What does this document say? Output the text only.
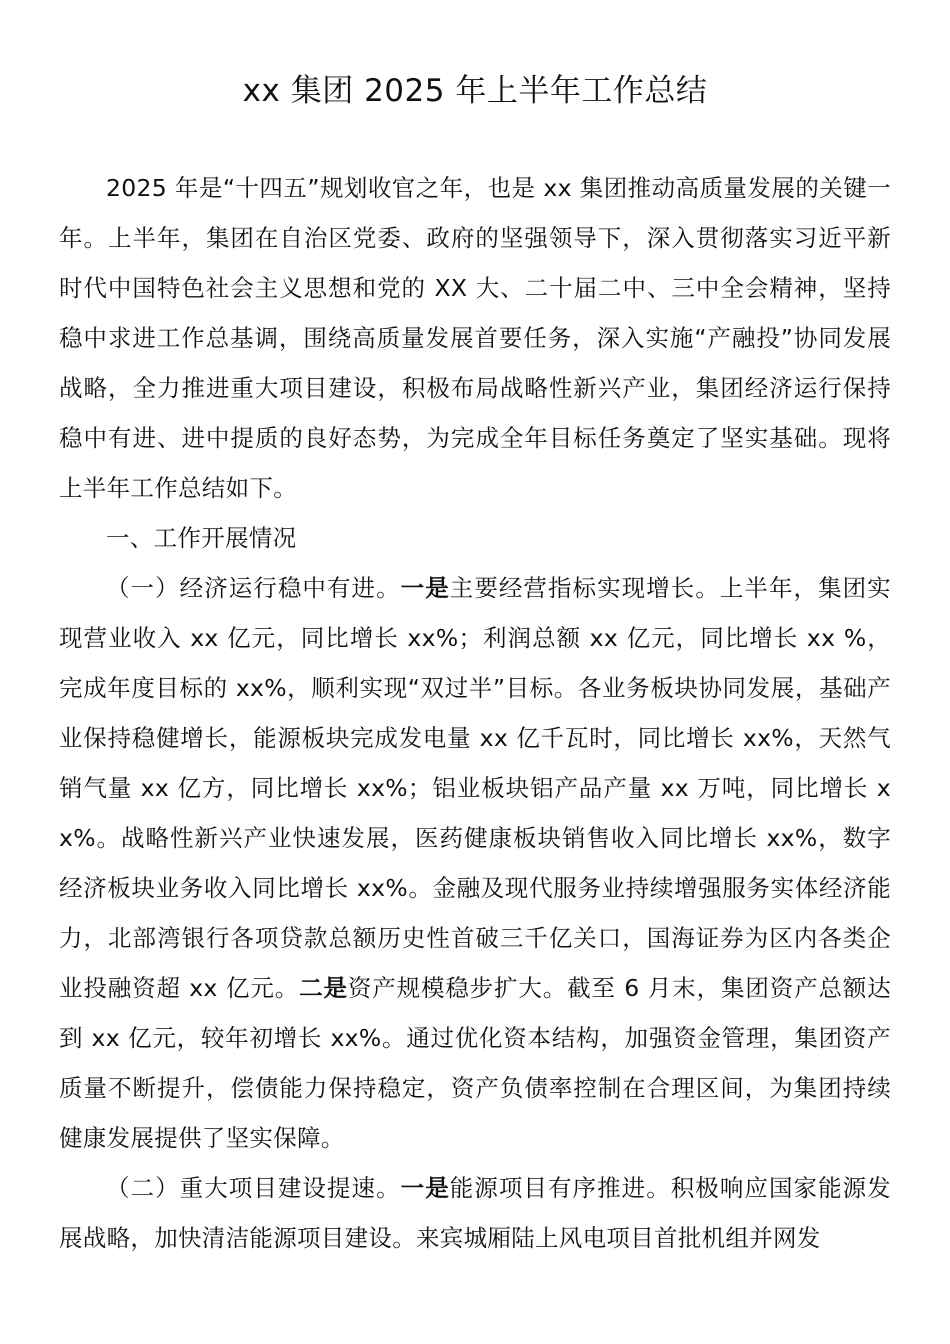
xx 集团 2025 年上半年工作总结

2025 年是“十四五”规划收官之年，也是 xx 集团推动高质量发展的关键一年。上半年，集团在自治区党委、政府的坚强领导下，深入贯彻落实习近平新时代中国特色社会主义思想和党的 XX 大、二十届二中、三中全会精神，坚持稳中求进工作总基调，围绕高质量发展首要任务，深入实施“产融投”协同发展战略，全力推进重大项目建设，积极布局战略性新兴产业，集团经济运行保持稳中有进、进中提质的良好态势，为完成全年目标任务奠定了坚实基础。现将上半年工作总结如下。

一、工作开展情况

（一）经济运行稳中有进。一是主要经营指标实现增长。上半年，集团实现营业收入 xx 亿元，同比增长 xx%；利润总额 xx 亿元，同比增长 xx %，完成年度目标的 xx%，顺利实现“双过半”目标。各业务板块协同发展，基础产业保持稳健增长，能源板块完成发电量 xx 亿千瓦时，同比增长 xx%，天然气销气量 xx 亿方，同比增长 xx%；铝业板块铝产品产量 xx 万吨，同比增长 xx%。战略性新兴产业快速发展，医药健康板块销售收入同比增长 xx%，数字经济板块业务收入同比增长 xx%。金融及现代服务业持续增强服务实体经济能力，北部湾银行各项贷款总额历史性首破三千亿关口，国海证券为区内各类企业投融资超 xx 亿元。二是资产规模稳步扩大。截至 6 月末，集团资产总额达到 xx 亿元，较年初增长 xx%。通过优化资本结构，加强资金管理，集团资产质量不断提升，偿债能力保持稳定，资产负债率控制在合理区间，为集团持续健康发展提供了坚实保障。

（二）重大项目建设提速。一是能源项目有序推进。积极响应国家能源发展战略，加快清洁能源项目建设。来宾城厢陆上风电项目首批机组并网发
